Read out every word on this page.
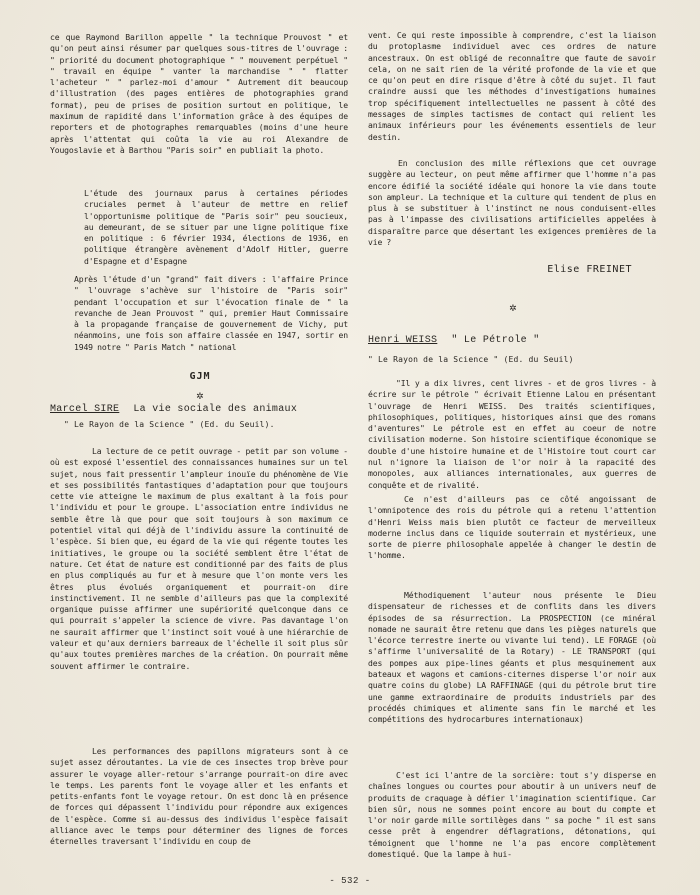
ce que Raymond Barillon appelle " la technique Prouvost " et qu'on peut ainsi résumer par quelques sous-titres de l'ouvrage : " priorité du document photographique " " mouvement perpétuel " " travail en équipe " vanter la marchandise " " flatter l'acheteur " " parlez-moi d'amour " Autrement dit beaucoup d'illustration (des pages entières de photographies grand format), peu de prises de position surtout en politique, le maximum de rapidité dans l'information grâce à des équipes de reporters et de photographes remarquables (moins d'une heure après l'attentat qui coûta la vie au roi Alexandre de Yougoslavie et à Barthou "Paris soir" en publiait la photo.

L'étude des journaux parus à certaines périodes cruciales permet à l'auteur de mettre en relief l'opportunisme politique de "Paris soir" peu soucieux, au demeurant, de se situer par une ligne politique fixe en politique : 6 février 1934, élections de 1936, en politique étrangère avènement d'Adolf Hitler, guerre d'Espagne et d'Espagne

Après l'étude d'un "grand" fait divers : l'affaire Prince " l'ouvrage s'achève sur l'histoire de "Paris soir" pendant l'occupation et sur l'évocation finale de " la revanche de Jean Prouvost " qui, premier Haut Commissaire à la propagande française de gouvernement de Vichy, put néanmoins, une fois son affaire classée en 1947, sortir en 1949 notre " Paris Match " national

GJM

✲

Marcel SIRE La vie sociale des animaux

" Le Rayon de la Science " (Ed. du Seuil).

La lecture de ce petit ouvrage - petit par son volume - où est exposé l'essentiel des connaissances humaines sur un tel sujet, nous fait pressentir l'ampleur inouïe du phénomène de Vie et ses possibilités fantastiques d'adaptation pour que toujours cette vie atteigne le maximum de plus exaltant à la fois pour l'individu et pour le groupe. L'association entre individus ne semble être là que pour que soit toujours à son maximum ce potentiel vital qui déjà de l'individu assure la continuité de l'espèce. Si bien que, eu égard de la vie qui régente toutes les initiatives, le groupe ou la société semblent être l'état de nature. Cet état de nature est conditionné par des faits de plus en plus compliqués au fur et à mesure que l'on monte vers les êtres plus évolués organiquement et pourrait-on dire instinctivement. Il ne semble d'ailleurs pas que la complexité organique puisse affirmer une supériorité quelconque dans ce qui pourrait s'appeler la science de vivre. Pas davantage l'on ne saurait affirmer que l'instinct soit voué à une hiérarchie de valeur et qu'aux derniers barreaux de l'échelle il soit plus sûr qu'aux toutes premières marches de la création. On pourrait même souvent affirmer le contraire.

Les performances des papillons migrateurs sont à ce sujet assez déroutantes. La vie de ces insectes trop brève pour assurer le voyage aller-retour s'arrange pourrait-on dire avec le temps. Les parents font le voyage aller et les enfants et petits-enfants font le voyage retour. On est donc là en présence de forces qui dépassent l'individu pour répondre aux exigences de l'espèce. Comme si au-dessus des individus l'espèce faisait alliance avec le temps pour déterminer des lignes de forces éternelles traversant l'individu en coup de

vent. Ce qui reste impossible à comprendre, c'est la liaison du protoplasme individuel avec ces ordres de nature ancestraux. On est obligé de reconnaître que faute de savoir cela, on ne sait rien de la vérité profonde de la vie et que ce qu'on peut en dire risque d'être à côté du sujet. Il faut craindre aussi que les méthodes d'investigations humaines trop spécifiquement intellectuelles ne passent à côté des messages de simples tactismes de contact qui relient les animaux inférieurs pour les événements essentiels de leur destin.

En conclusion des mille réflexions que cet ouvrage suggère au lecteur, on peut même affirmer que l'homme n'a pas encore édifié la société idéale qui honore la vie dans toute son ampleur. La technique et la culture qui tendent de plus en plus à se substituer à l'instinct ne nous conduisent-elles pas à l'impasse des civilisations artificielles appelées à disparaître parce que désertant les exigences premières de la vie ?

Elise FREINET

✲

Henri WEISS " Le Pétrole "

" Le Rayon de la Science " (Ed. du Seuil)

"Il y a dix livres, cent livres - et de gros livres - à écrire sur le pétrole " écrivait Etienne Lalou en présentant l'ouvrage de Henri WEISS. Des traités scientifiques, philosophiques, politiques, historiques ainsi que des romans d'aventures" Le pétrole est en effet au coeur de notre civilisation moderne. Son histoire scientifique économique se double d'une histoire humaine et de l'Histoire tout court car nul n'ignore la liaison de l'or noir à la rapacité des monopoles, aux alliances internationales, aux guerres de conquête et de rivalité.

Ce n'est d'ailleurs pas ce côté angoissant de l'omnipotence des rois du pétrole qui a retenu l'attention d'Henri Weiss mais bien plutôt ce facteur de merveilleux moderne inclus dans ce liquide souterrain et mystérieux, une sorte de pierre philosophale appelée à changer le destin de l'homme.

Méthodiquement l'auteur nous présente le Dieu dispensateur de richesses et de conflits dans les divers épisodes de sa résurrection. La PROSPECTION (ce minéral nomade ne saurait être retenu que dans les pièges naturels que l'écorce terrestre inerte ou vivante lui tend). LE FORAGE (où s'affirme l'universalité de la Rotary) - LE TRANSPORT (qui des pompes aux pipe-lines géants et plus mesquinement aux bateaux et wagons et camions-citernes disperse l'or noir aux quatre coins du globe) LA RAFFINAGE (qui du pétrole brut tire une gamme extraordinaire de produits industriels par des procédés chimiques et alimente sans fin le marché et les compétitions des hydrocarbures internationaux)

C'est ici l'antre de la sorcière: tout s'y disperse en chaînes longues ou courtes pour aboutir à un univers neuf de produits de craquage à défier l'imagination scientifique. Car bien sûr, nous ne sommes point encore au bout du compte et l'or noir garde mille sortilèges dans " sa poche " il est sans cesse prêt à engendrer déflagrations, détonations, qui témoignent que l'homme ne l'a pas encore complètement domestiqué. Que la lampe à hui-

- 532 -
